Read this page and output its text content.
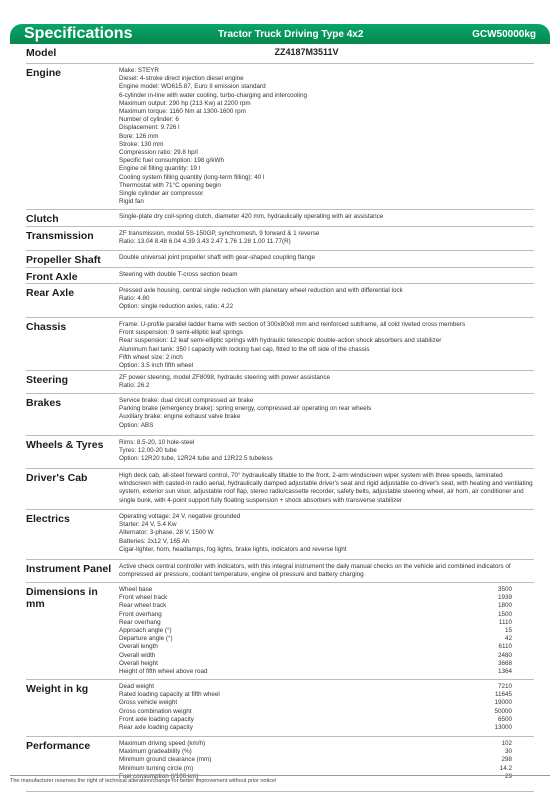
Specifications	Tractor Truck Driving Type 4x2	GCW50000kg
Model	ZZ4187M3511V
Engine	Make: STEYR
Diesel: 4-stroke direct injection diesel engine
Engine model: WD615.87, Euro II emission standard
6-cylinder in-line with water cooling, turbo-charging and intercooling
Maximum output: 290 hp (213 Kw) at 2200 rpm
Maximum torque: 1160 Nm at 1300-1600 rpm
Number of cylinder: 6
Displacement: 9.726 l
Bore: 126 mm
Stroke: 130 mm
Compression ratio: 29.8 hp/l
Specific fuel consumption: 198 g/kWh
Engine oil filling quantity: 19 l
Cooling system filling quantity (long-term filling): 40 l
Thermostat with 71°C opening begin
Single cylinder air compressor
Rigid fan
Clutch	Single-plate dry coil-spring clutch, diameter 420 mm, hydraulically operating with air assistance
Transmission	ZF transmission, model 5S-150GP, synchromesh, 9 forward & 1 reverse
Ratio: 13.04 8.48 6.04 4.39 3.43 2.47 1.76 1.28 1.00 11.77(R)
Propeller Shaft	Double universal joint propeller shaft with gear-shaped coupling flange
Front Axle	Steering with double T-cross section beam
Rear Axle	Pressed axle housing, central single reduction with planetary wheel reduction and with differential lock
Ratio: 4.80
Option: single reduction axles, ratio: 4.22
Chassis	Frame: U-profile parallel ladder frame with section of 300x80x8 mm and reinforced subframe, all cold riveted cross members
Front suspension: 9 semi-elliptic leaf springs
Rear suspension: 12 leaf semi-elliptic springs with hydraulic telescopic double-action shock absorbers and stabilizer
Aluminum fuel tank: 350 l capacity with locking fuel cap, fitted to the off side of the chassis
Fifth wheel size: 2 inch
Option: 3.5 inch fifth wheel
Steering	ZF power steering, model ZF8098, hydraulic steering with power assistance
Ratio: 26.2
Brakes	Service brake: dual circuit compressed air brake
Parking brake (emergency brake): spring energy, compressed air operating on rear wheels
Auxiliary brake: engine exhaust valve brake
Option: ABS
Wheels & Tyres	Rims: 8.5-20, 10 hole-steel
Tyres: 12.00-20 tube
Option: 12R20 tube, 12R24 tube and 12R22.5 tubeless
Driver's Cab	High deck cab, all-steel forward control, 70° hydraulically tiltable to the front, 2-arm windscreen wiper system with three speeds, laminated windscreen with casted-in radio aerial, hydraulically damped adjustable driver's seat and rigid adjustable co-driver's seat, with heating and ventilating system, exterior sun visor, adjustable roof flap, stereo radio/cassette recorder, safety belts, adjustable steering wheel, air horn, air conditioner and single bunk, with 4-point support fully floating suspension + shock absorbers with transverse stabilizer
Electrics	Operating voltage: 24 V, negative grounded
Starter: 24 V, 5.4 Kw
Alternator: 3-phase, 28 V, 1500 W
Batteries: 2x12 V, 165 Ah
Cigar-lighter, horn, headlamps, fog lights, brake lights, indicators and reverse light
Instrument Panel	Active check central controller with indicators, with this integral instrument the daily manual checks on the vehicle and combined indicators of compressed air pressure, coolant temperature, engine oil pressure and battery charging
Dimensions in mm
Wheel base	3500
Front wheel track	1939
Rear wheel track	1800
Front overhang	1500
Rear overhang	1110
Approach angle (°)	15
Departure angle (°)	42
Overall length	6110
Overall width	2480
Overall height	3668
Height of fifth wheel above road	1364
Weight in kg	Dead weight	7210
Rated loading capacity at fifth wheel	11645
Gross vehicle weight	19000
Gross combination weight	50000
Front axle loading capacity	6500
Rear axle loading capacity	13000
Performance	Maximum driving speed (km/h)	102
Maximum gradeability (%)	30
Minimum ground clearance (mm)	298
Minimum turning circle (m)	14.2
Fuel consumption (l/100 km)	29
The manufacturer reserves the right of technical alteration/change for better improvement without prior notice!
